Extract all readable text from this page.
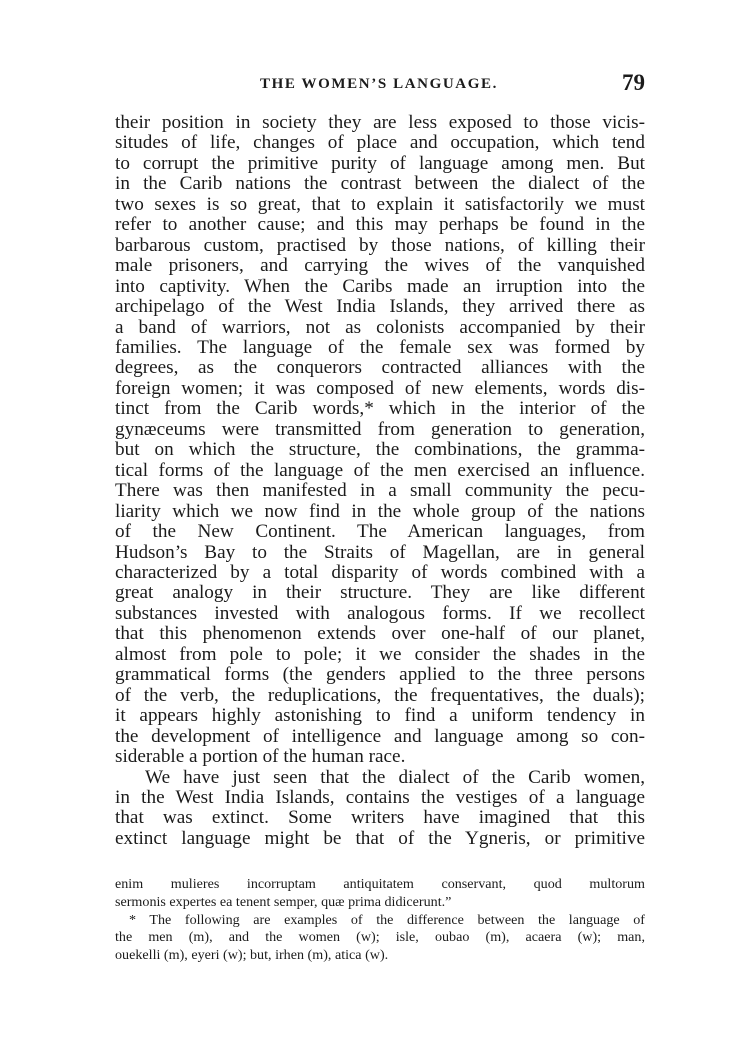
THE WOMEN’S LANGUAGE.	79
their position in society they are less exposed to those vicis-
situdes of life, changes of place and occupation, which tend
to corrupt the primitive purity of language among men. But
in the Carib nations the contrast between the dialect of the
two sexes is so great, that to explain it satisfactorily we must
refer to another cause; and this may perhaps be found in the
barbarous custom, practised by those nations, of killing their
male prisoners, and carrying the wives of the vanquished
into captivity. When the Caribs made an irruption into the
archipelago of the West India Islands, they arrived there as
a band of warriors, not as colonists accompanied by their
families. The language of the female sex was formed by
degrees, as the conquerors contracted alliances with the
foreign women; it was composed of new elements, words dis-
tinct from the Carib words,* which in the interior of the
gynæceums were transmitted from generation to generation,
but on which the structure, the combinations, the gramma-
tical forms of the language of the men exercised an influence.
There was then manifested in a small community the pecu-
liarity which we now find in the whole group of the nations
of the New Continent. The American languages, from
Hudson’s Bay to the Straits of Magellan, are in general
characterized by a total disparity of words combined with a
great analogy in their structure. They are like different
substances invested with analogous forms. If we recollect
that this phenomenon extends over one-half of our planet,
almost from pole to pole; it we consider the shades in the
grammatical forms (the genders applied to the three persons
of the verb, the reduplications, the frequentatives, the duals);
it appears highly astonishing to find a uniform tendency in
the development of intelligence and language among so con-
siderable a portion of the human race.
We have just seen that the dialect of the Carib women,
in the West India Islands, contains the vestiges of a language
that was extinct. Some writers have imagined that this
extinct language might be that of the Ygneris, or primitive
enim mulieres incorruptam antiquitatem conservant, quod multorum
sermonis expertes ea tenent semper, quæ prima didicerunt.”
* The following are examples of the difference between the language of
the men (m), and the women (w); isle, oubao (m), acaera (w); man,
ouekelli (m), eyeri (w); but, irhen (m), atica (w).
